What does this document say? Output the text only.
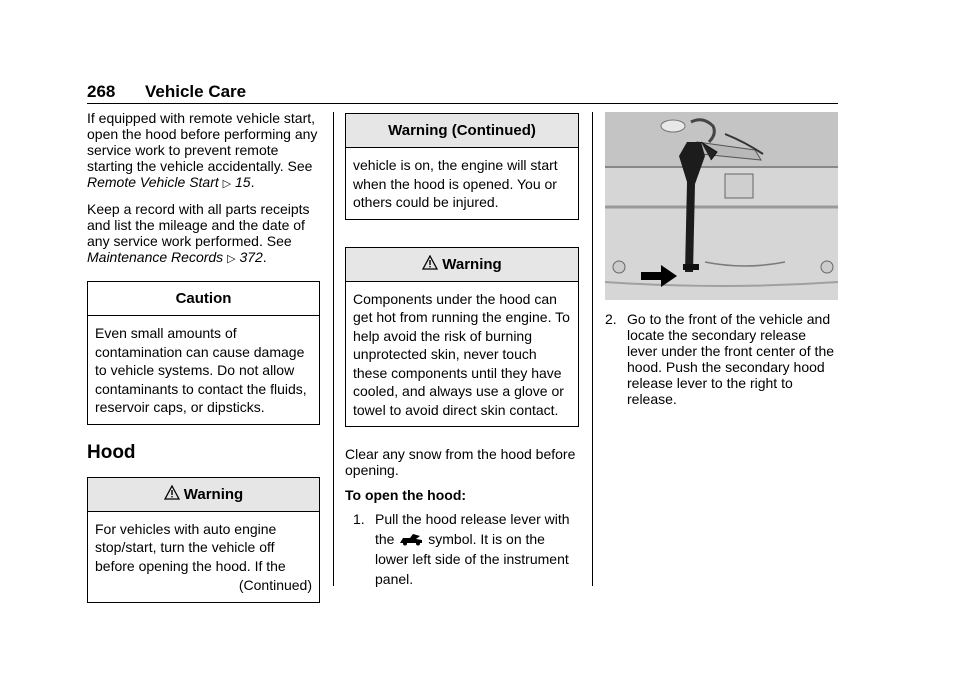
268 Vehicle Care

If equipped with remote vehicle start, open the hood before performing any service work to prevent remote starting the vehicle accidentally. See Remote Vehicle Start ▷ 15.

Keep a record with all parts receipts and list the mileage and the date of any service work performed. See Maintenance Records ▷ 372.

Caution
Even small amounts of contamination can cause damage to vehicle systems. Do not allow contaminants to contact the fluids, reservoir caps, or dipsticks.
Hood
Warning
For vehicles with auto engine stop/start, turn the vehicle off before opening the hood. If the
(Continued)
Warning (Continued)
vehicle is on, the engine will start when the hood is opened. You or others could be injured.
Warning
Components under the hood can get hot from running the engine. To help avoid the risk of burning unprotected skin, never touch these components until they have cooled, and always use a glove or towel to avoid direct skin contact.

Clear any snow from the hood before opening.

To open the hood:

1. Pull the hood release lever with the symbol. It is on the lower left side of the instrument panel.
2. Go to the front of the vehicle and locate the secondary release lever under the front center of the hood. Push the secondary hood release lever to the right to release.
